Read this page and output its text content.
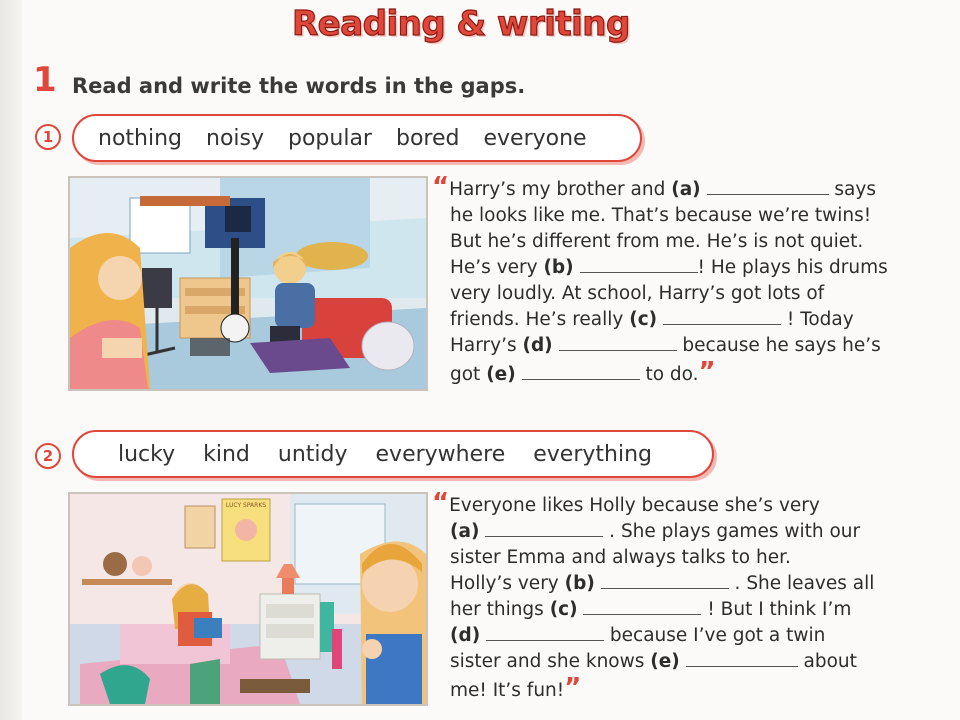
Reading & writing
1 Read and write the words in the gaps.
1	nothing noisy popular bored everyone
“Harry’s my brother and (a)	says
he looks like me. That’s because we’re twins!
But he’s different from me. He’s is not quiet.
He’s very (b)	! He plays his drums
very loudly. At school, Harry’s got lots of
friends. He’s really (c)	! Today
Harry’s (d)	because he says he’s
got (e)	to do.”
2	lucky kind untidy everywhere everything
LUCY SPARKS	“Everyone likes Holly because she’s very
(a)	. She plays games with our
sister Emma and always talks to her.
Holly’s very (b)	. She leaves all
her things (c)	! But I think I’m
(d)	because I’ve got a twin
sister and she knows (e)	about
me! It’s fun!”
